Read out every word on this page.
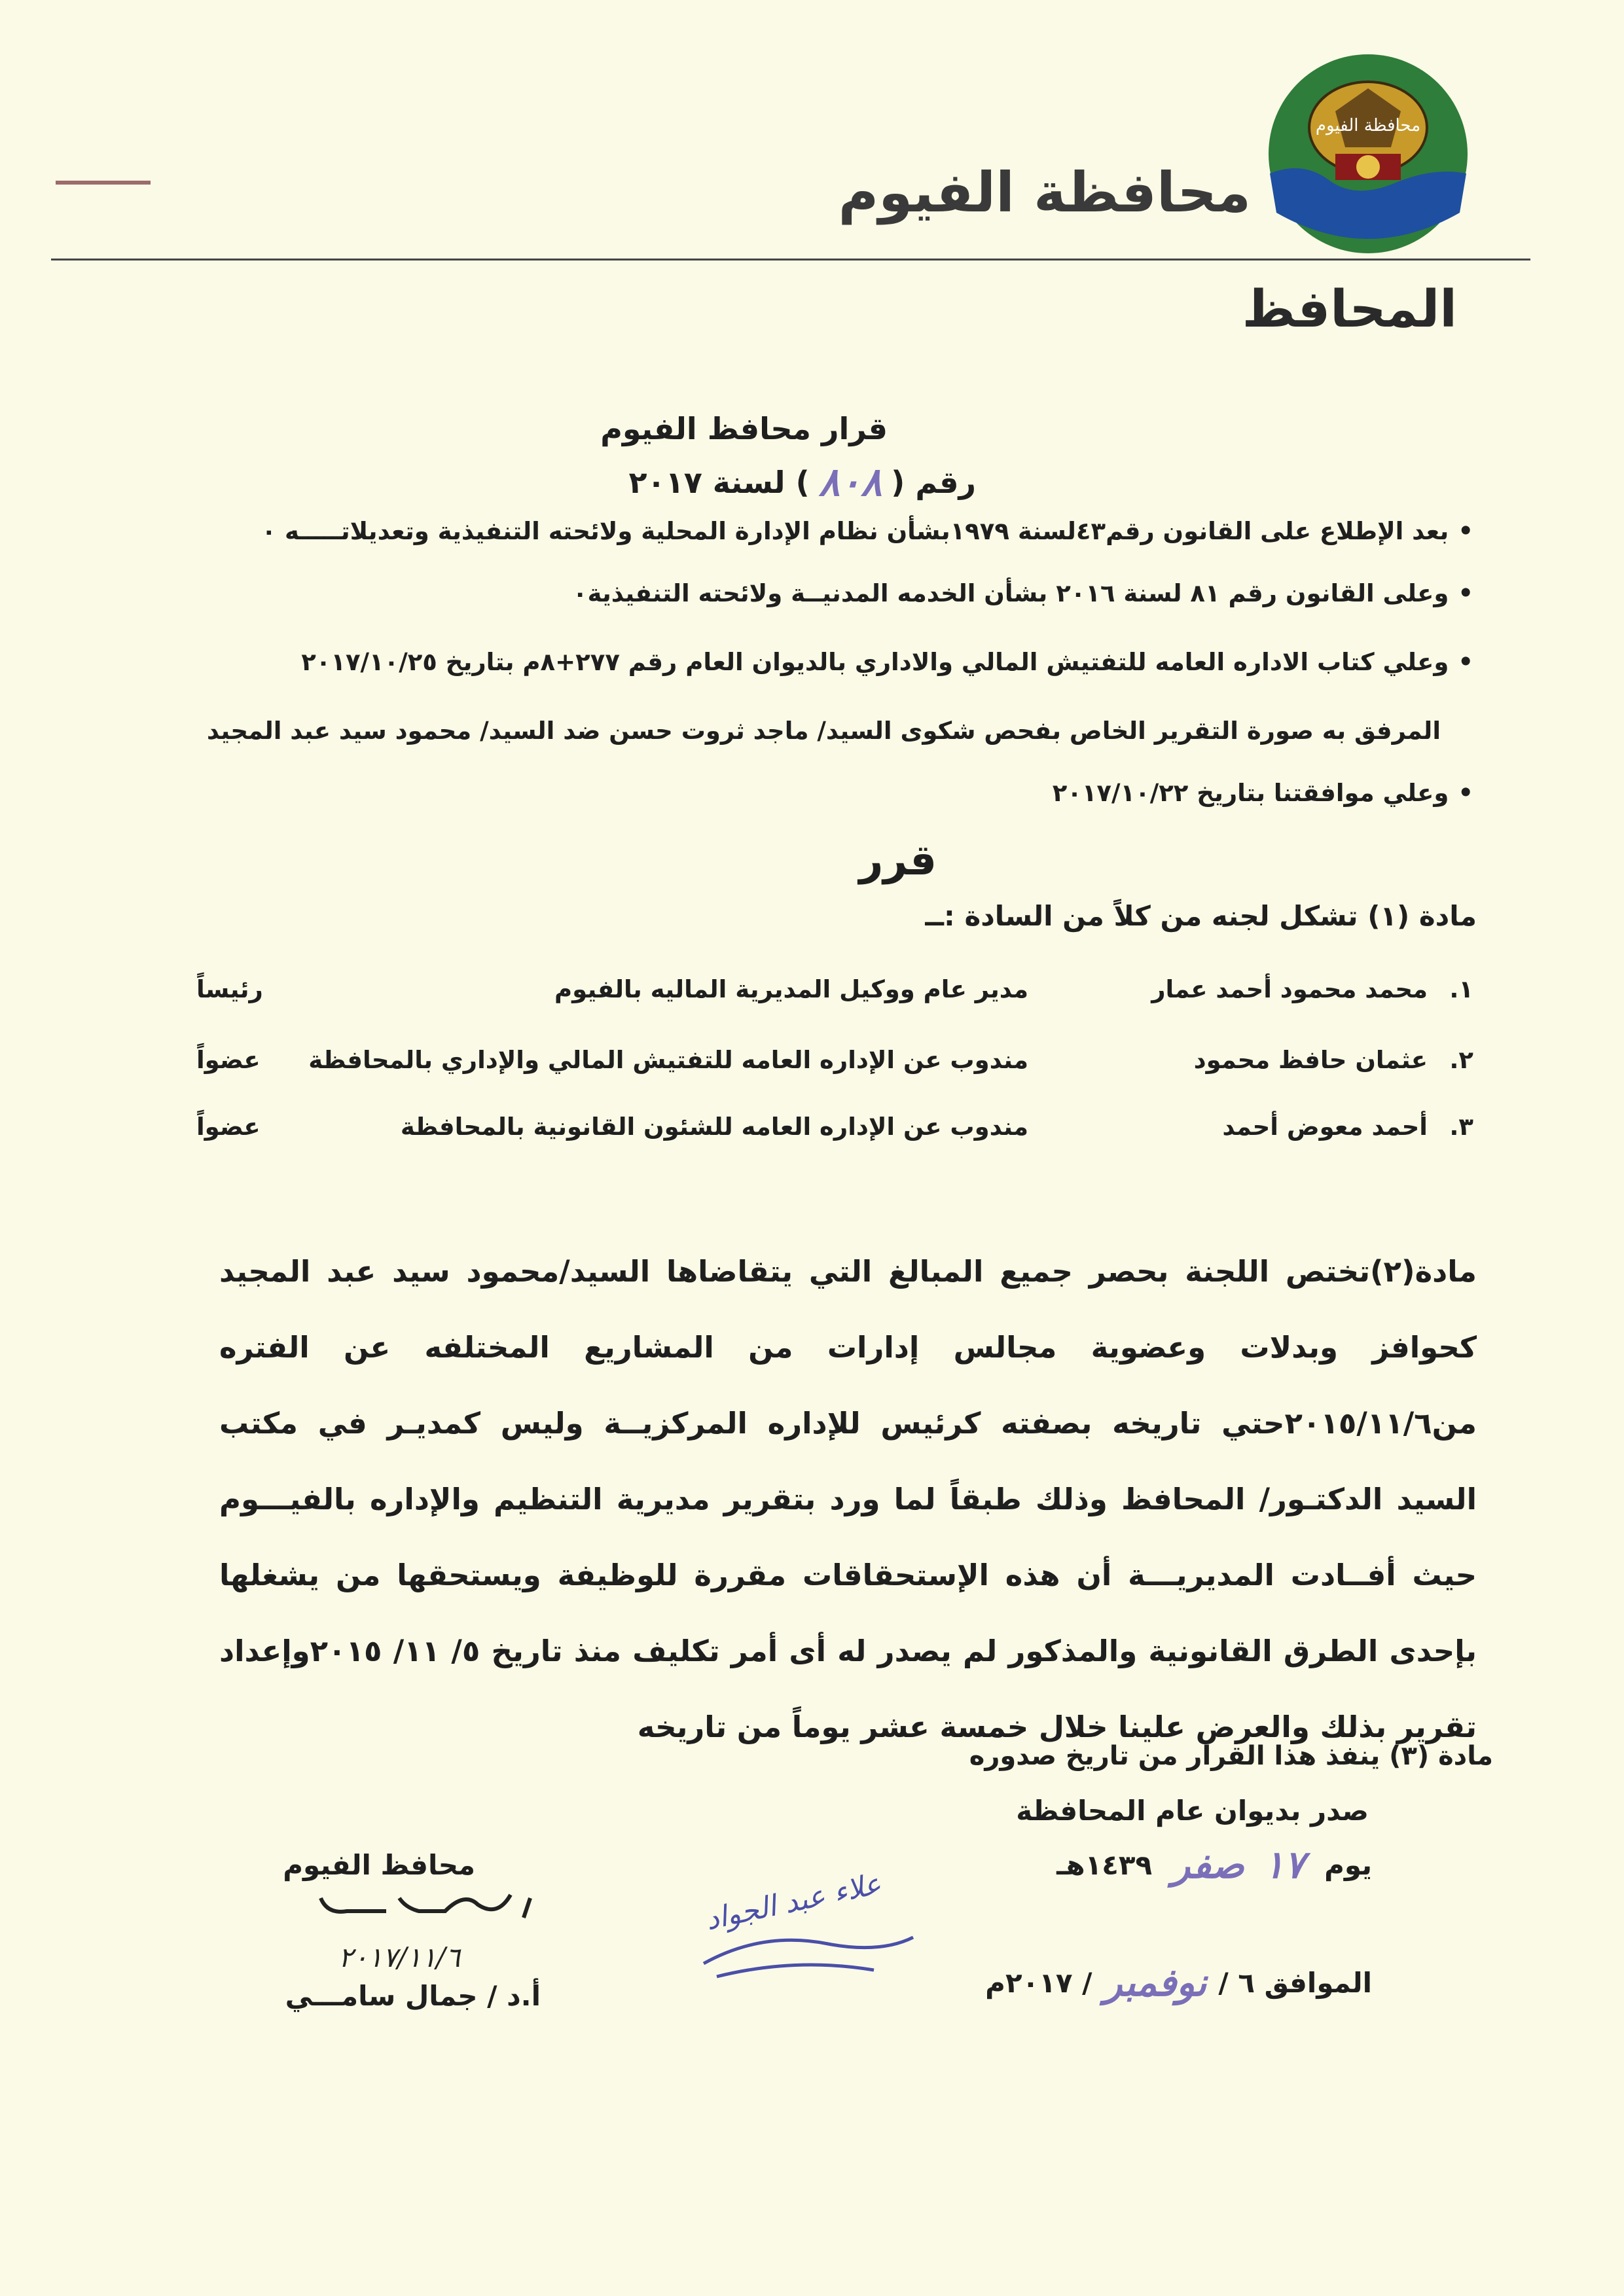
محافظة الفيوم
محافظة الفيوم
المحافظ
قرار محافظ الفيوم
رقم (
٨٠٨
) لسنة ٢٠١٧
•بعد الإطلاع على القانون رقم٤٣لسنة ١٩٧٩بشأن نظام الإدارة المحلية ولائحته التنفيذية وتعديلاتـــــه ٠
•وعلى القانون رقم ٨١ لسنة ٢٠١٦ بشأن الخدمه المدنيــة ولائحته التنفيذية٠
•وعلي كتاب الاداره العامه للتفتيش المالي والاداري بالديوان العام رقم ٢٧٧+٨م بتاريخ ٢٠١٧/١٠/٢٥
المرفق به صورة التقرير الخاص بفحص شكوى السيد/ ماجد ثروت حسن ضد السيد/ محمود سيد عبد المجيد
•وعلي موافقتنا بتاريخ ٢٠١٧/١٠/٢٢
قرر
مادة (١) تشكل لجنه من كلاً من السادة :ــ
١.
محمد محمود أحمد عمار
مدير عام ووكيل المديرية الماليه بالفيوم
رئيساً
٢.
عثمان حافظ محمود
مندوب عن الإداره العامه للتفتيش المالي والإداري بالمحافظة
عضواً
٣.
أحمد معوض أحمد
مندوب عن الإداره العامه للشئون القانونية بالمحافظة
عضواً
مادة(٢)تختص اللجنة بحصر جميع المبالغ التي يتقاضاها السيد/محمود سيد عبد المجيد كحوافز وبدلات وعضوية مجالس إدارات من المشاريع المختلفه عن الفتره من٢٠١٥/١١/٦حتي تاريخه بصفته كرئيس للإداره المركزيــة وليس كمديـر في مكتب السيد الدكتـور/ المحافظ وذلك طبقاً لما ورد بتقرير مديرية التنظيم والإداره بالفيـــوم حيث أفــادت المديريـــة أن هذه الإستحقاقات مقررة للوظيفة ويستحقها من يشغلها بإحدى الطرق القانونية والمذكور لم يصدر له أى أمر تكليف منذ تاريخ ٥/ ١١/ ٢٠١٥وإعداد تقرير بذلك والعرض علينا خلال خمسة عشر يوماً من تاريخه
مادة (٣) ينفذ هذا القرار من تاريخ صدوره
صدر بديوان عام المحافظة
يوم
١٧
صفر
١٤٣٩هـ
الموافق ٦ /
نوفمبر
/ ٢٠١٧م
محافظ الفيوم
٢٠١٧/١١/٦
أ.د / جمال سامـــي
علاء عبد الجواد
